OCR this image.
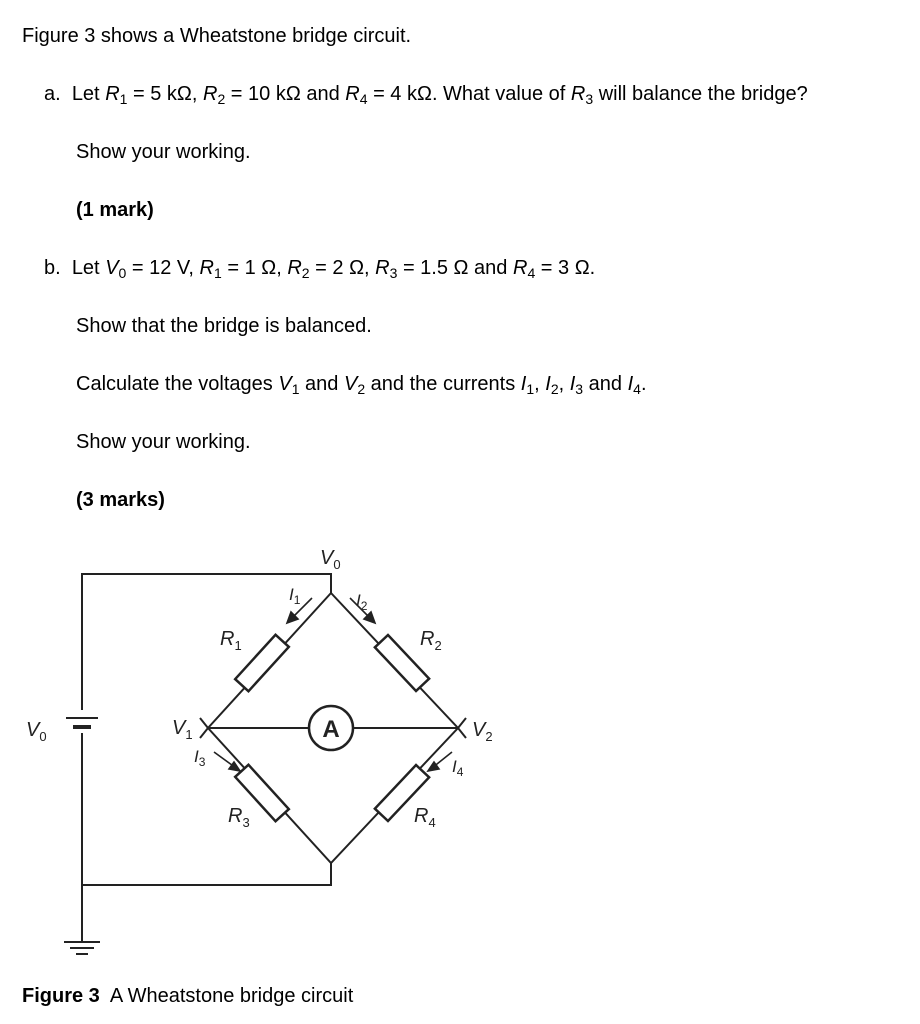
Figure 3 shows a Wheatstone bridge circuit.
a. Let $R_1 = 5$ kΩ, $R_2 = 10$ kΩ and $R_4 = 4$ kΩ. What value of $R_3$ will balance the bridge?
Show your working.
(1 mark)
b. Let $V_0 = 12$ V, $R_1 = 1$ Ω, $R_2 = 2$ Ω, $R_3 = 1.5$ Ω and $R_4 = 3$ Ω.
Show that the bridge is balanced.
Calculate the voltages $V_1$ and $V_2$ and the currents $I_1$, $I_2$, $I_3$ and $I_4$.
Show your working.
(3 marks)
A
$V_0$
$V_0$	$V_1$	$V_2$
$R_1$	$R_2$
$R_3$	$R_4$
$I_1$	$I_2$
$I_3$	$I_4$
Figure 3 A Wheatstone bridge circuit
